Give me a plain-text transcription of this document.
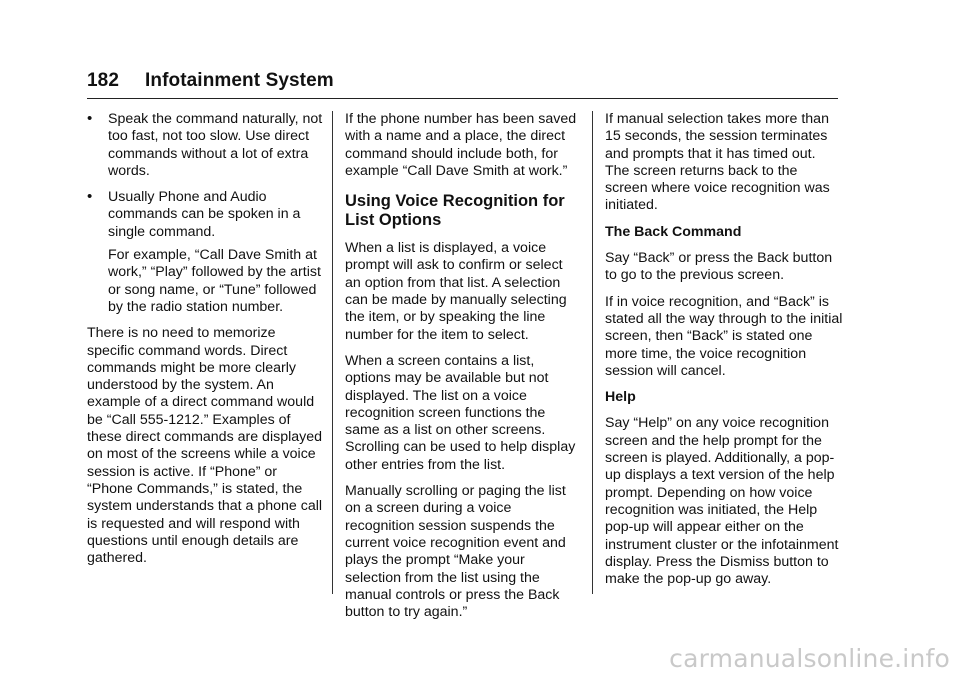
182 Infotainment System
• Speak the command naturally, not too fast, not too slow. Use direct commands without a lot of extra words.
• Usually Phone and Audio commands can be spoken in a single command.

For example, “Call Dave Smith at work,” “Play” followed by the artist or song name, or “Tune” followed by the radio station number.

There is no need to memorize specific command words. Direct commands might be more clearly understood by the system. An example of a direct command would be “Call 555-1212.” Examples of these direct commands are displayed on most of the screens while a voice session is active. If “Phone” or “Phone Commands,” is stated, the system understands that a phone call is requested and will respond with questions until enough details are gathered.

If the phone number has been saved with a name and a place, the direct command should include both, for example “Call Dave Smith at work.”

Using Voice Recognition for List Options

When a list is displayed, a voice prompt will ask to confirm or select an option from that list. A selection can be made by manually selecting the item, or by speaking the line number for the item to select.

When a screen contains a list, options may be available but not displayed. The list on a voice recognition screen functions the same as a list on other screens. Scrolling can be used to help display other entries from the list.

Manually scrolling or paging the list on a screen during a voice recognition session suspends the current voice recognition event and plays the prompt “Make your selection from the list using the manual controls or press the Back button to try again.”

If manual selection takes more than 15 seconds, the session terminates and prompts that it has timed out. The screen returns back to the screen where voice recognition was initiated.

The Back Command

Say “Back” or press the Back button to go to the previous screen.

If in voice recognition, and “Back” is stated all the way through to the initial screen, then “Back” is stated one more time, the voice recognition session will cancel.

Help

Say “Help” on any voice recognition screen and the help prompt for the screen is played. Additionally, a pop-up displays a text version of the help prompt. Depending on how voice recognition was initiated, the Help pop-up will appear either on the instrument cluster or the infotainment display. Press the Dismiss button to make the pop-up go away.

carmanualsonline.info
